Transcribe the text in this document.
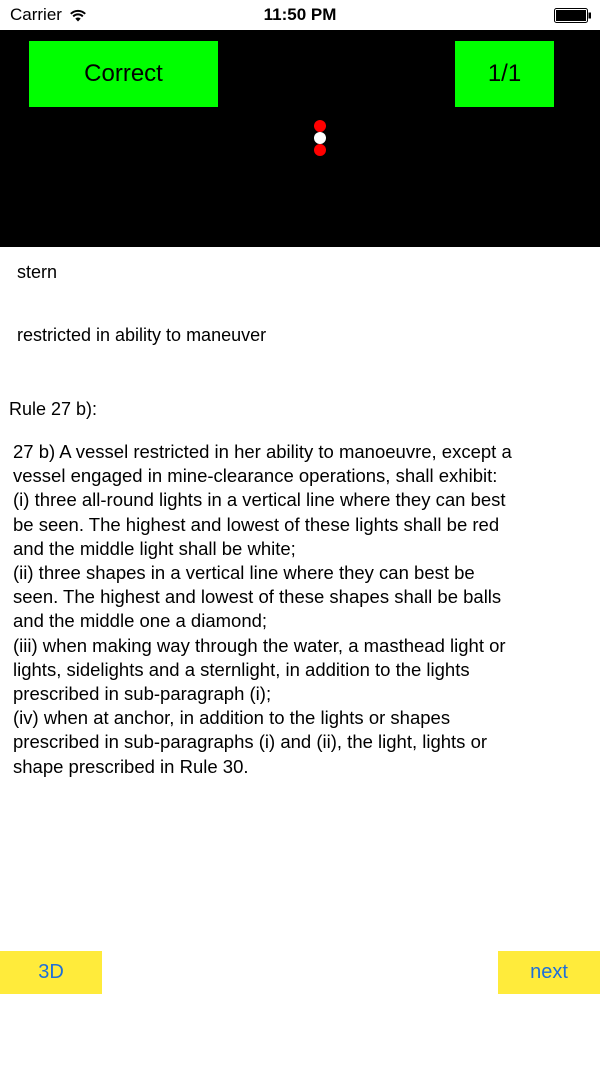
Carrier	11:50 PM
Correct	1/1
stern
restricted in ability to maneuver
Rule 27 b):
27 b) A vessel restricted in her ability to manoeuvre, except a
vessel engaged in mine-clearance operations, shall exhibit:
(i) three all-round lights in a vertical line where they can best
be seen. The highest and lowest of these lights shall be red
and the middle light shall be white;
(ii) three shapes in a vertical line where they can best be
seen. The highest and lowest of these shapes shall be balls
and the middle one a diamond;
(iii) when making way through the water, a masthead light or
lights, sidelights and a sternlight, in addition to the lights
prescribed in sub-paragraph (i);
(iv) when at anchor, in addition to the lights or shapes
prescribed in sub-paragraphs (i) and (ii), the light, lights or
shape prescribed in Rule 30.
3D	next
